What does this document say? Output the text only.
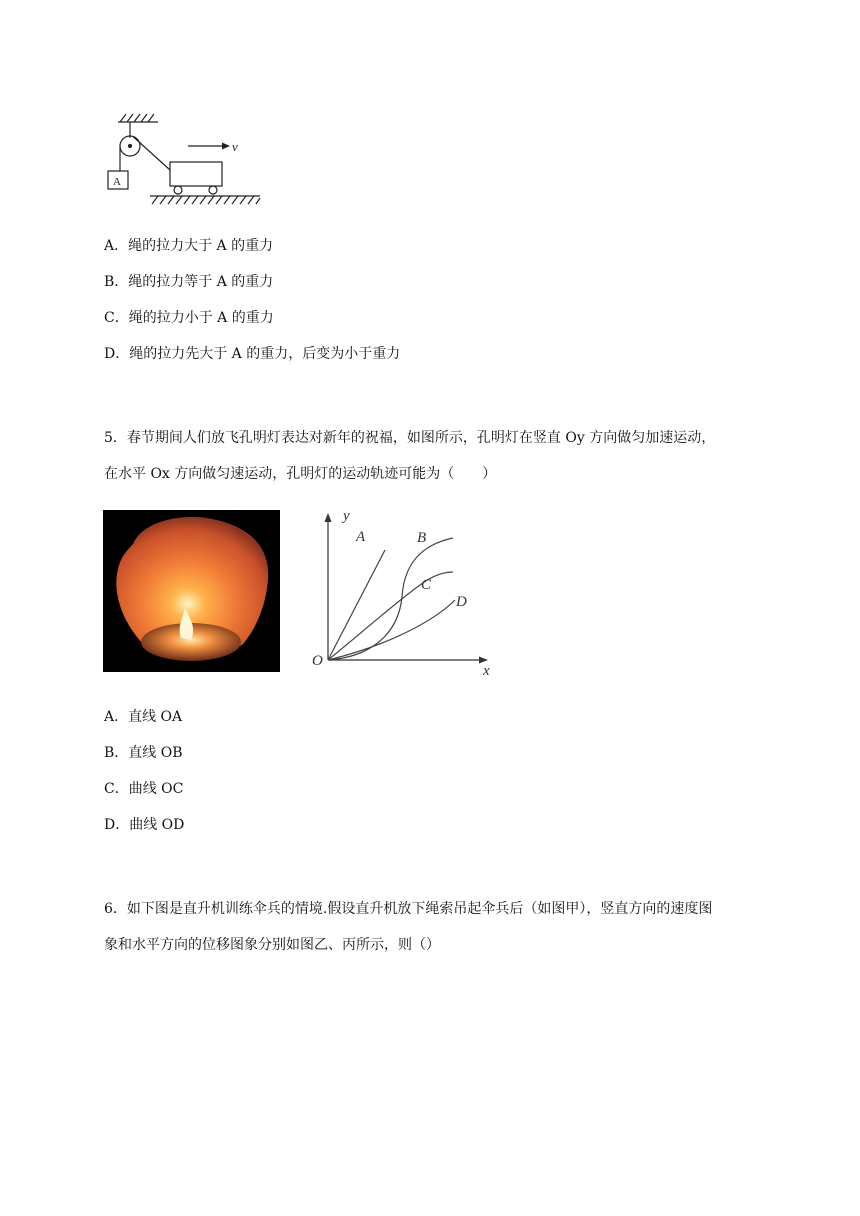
v
A
A．绳的拉力大于 A 的重力
B．绳的拉力等于 A 的重力
C．绳的拉力小于 A 的重力
D．绳的拉力先大于 A 的重力，后变为小于重力
5．春节期间人们放飞孔明灯表达对新年的祝福，如图所示，孔明灯在竖直 Oy 方向做匀加速运动，
在水平 Ox 方向做匀速运动，孔明灯的运动轨迹可能为（　　）
y
x
O
A	B
C
D
A．直线 OA
B．直线 OB
C．曲线 OC
D．曲线 OD
6．如下图是直升机训练伞兵的情境.假设直升机放下绳索吊起伞兵后（如图甲），竖直方向的速度图
象和水平方向的位移图象分别如图乙、丙所示，则（）
